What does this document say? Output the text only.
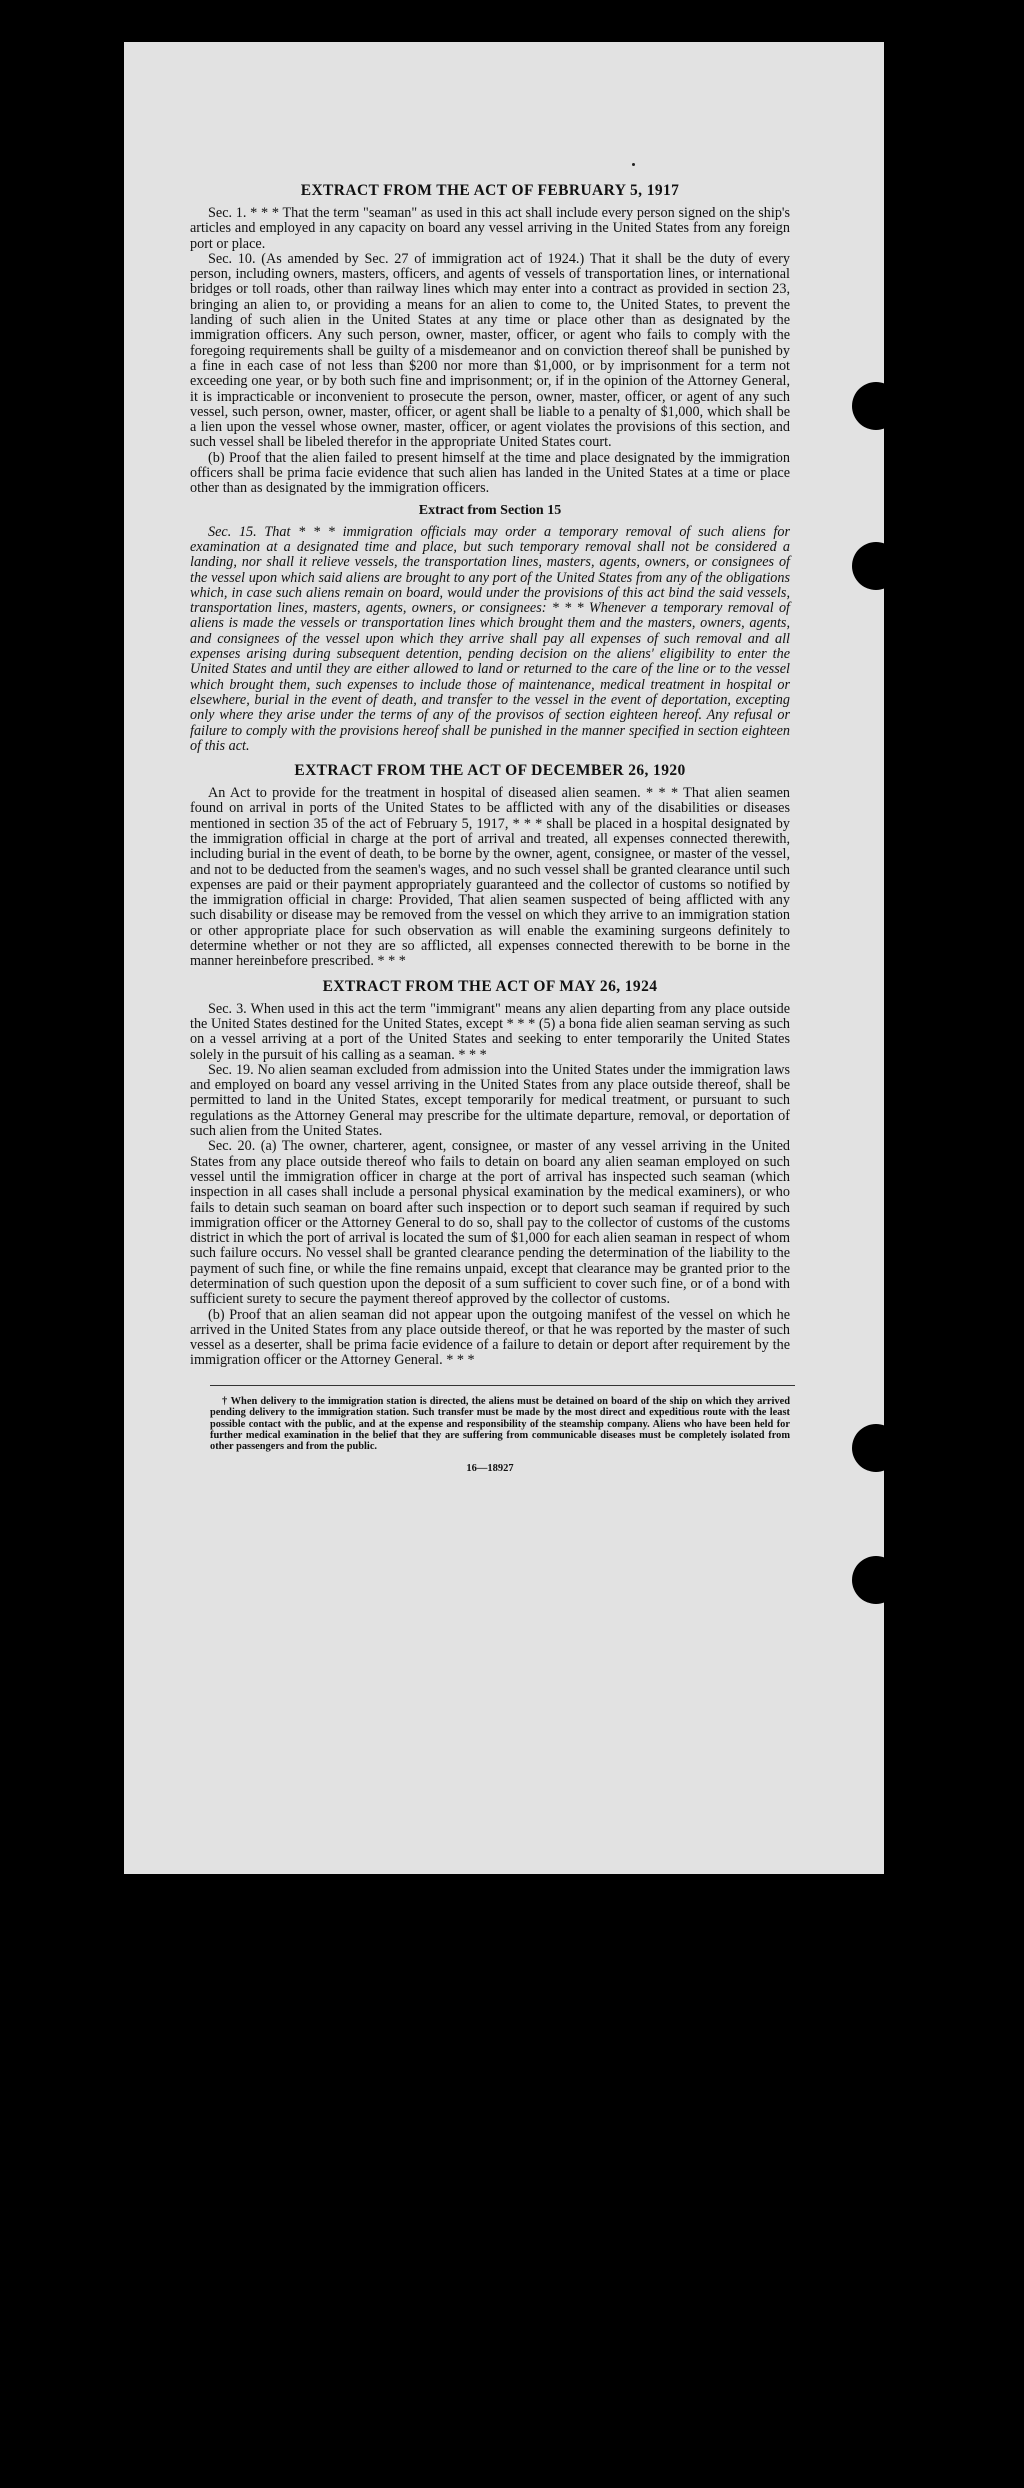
EXTRACT FROM THE ACT OF FEBRUARY 5, 1917

Sec. 1. * * * That the term "seaman" as used in this act shall include every person signed on the ship's articles and employed in any capacity on board any vessel arriving in the United States from any foreign port or place.

Sec. 10. (As amended by Sec. 27 of immigration act of 1924.) That it shall be the duty of every person, including owners, masters, officers, and agents of vessels of transportation lines, or international bridges or toll roads, other than railway lines which may enter into a contract as provided in section 23, bringing an alien to, or providing a means for an alien to come to, the United States, to prevent the landing of such alien in the United States at any time or place other than as designated by the immigration officers. Any such person, owner, master, officer, or agent who fails to comply with the foregoing requirements shall be guilty of a misdemeanor and on conviction thereof shall be punished by a fine in each case of not less than $200 nor more than $1,000, or by imprisonment for a term not exceeding one year, or by both such fine and imprisonment; or, if in the opinion of the Attorney General, it is impracticable or inconvenient to prosecute the person, owner, master, officer, or agent of any such vessel, such person, owner, master, officer, or agent shall be liable to a penalty of $1,000, which shall be a lien upon the vessel whose owner, master, officer, or agent violates the provisions of this section, and such vessel shall be libeled therefor in the appropriate United States court.

(b) Proof that the alien failed to present himself at the time and place designated by the immigration officers shall be prima facie evidence that such alien has landed in the United States at a time or place other than as designated by the immigration officers.

Extract from Section 15

Sec. 15. That * * * immigration officials may order a temporary removal of such aliens for examination at a designated time and place, but such temporary removal shall not be considered a landing, nor shall it relieve vessels, the transportation lines, masters, agents, owners, or consignees of the vessel upon which said aliens are brought to any port of the United States from any of the obligations which, in case such aliens remain on board, would under the provisions of this act bind the said vessels, transportation lines, masters, agents, owners, or consignees: * * * Whenever a temporary removal of aliens is made the vessels or transportation lines which brought them and the masters, owners, agents, and consignees of the vessel upon which they arrive shall pay all expenses of such removal and all expenses arising during subsequent detention, pending decision on the aliens' eligibility to enter the United States and until they are either allowed to land or returned to the care of the line or to the vessel which brought them, such expenses to include those of maintenance, medical treatment in hospital or elsewhere, burial in the event of death, and transfer to the vessel in the event of deportation, excepting only where they arise under the terms of any of the provisos of section eighteen hereof. Any refusal or failure to comply with the provisions hereof shall be punished in the manner specified in section eighteen of this act.

EXTRACT FROM THE ACT OF DECEMBER 26, 1920

An Act to provide for the treatment in hospital of diseased alien seamen. * * * That alien seamen found on arrival in ports of the United States to be afflicted with any of the disabilities or diseases mentioned in section 35 of the act of February 5, 1917, * * * shall be placed in a hospital designated by the immigration official in charge at the port of arrival and treated, all expenses connected therewith, including burial in the event of death, to be borne by the owner, agent, consignee, or master of the vessel, and not to be deducted from the seamen's wages, and no such vessel shall be granted clearance until such expenses are paid or their payment appropriately guaranteed and the collector of customs so notified by the immigration official in charge: Provided, That alien seamen suspected of being afflicted with any such disability or disease may be removed from the vessel on which they arrive to an immigration station or other appropriate place for such observation as will enable the examining surgeons definitely to determine whether or not they are so afflicted, all expenses connected therewith to be borne in the manner hereinbefore prescribed. * * *

EXTRACT FROM THE ACT OF MAY 26, 1924

Sec. 3. When used in this act the term "immigrant" means any alien departing from any place outside the United States destined for the United States, except * * * (5) a bona fide alien seaman serving as such on a vessel arriving at a port of the United States and seeking to enter temporarily the United States solely in the pursuit of his calling as a seaman. * * *

Sec. 19. No alien seaman excluded from admission into the United States under the immigration laws and employed on board any vessel arriving in the United States from any place outside thereof, shall be permitted to land in the United States, except temporarily for medical treatment, or pursuant to such regulations as the Attorney General may prescribe for the ultimate departure, removal, or deportation of such alien from the United States.

Sec. 20. (a) The owner, charterer, agent, consignee, or master of any vessel arriving in the United States from any place outside thereof who fails to detain on board any alien seaman employed on such vessel until the immigration officer in charge at the port of arrival has inspected such seaman (which inspection in all cases shall include a personal physical examination by the medical examiners), or who fails to detain such seaman on board after such inspection or to deport such seaman if required by such immigration officer or the Attorney General to do so, shall pay to the collector of customs of the customs district in which the port of arrival is located the sum of $1,000 for each alien seaman in respect of whom such failure occurs. No vessel shall be granted clearance pending the determination of the liability to the payment of such fine, or while the fine remains unpaid, except that clearance may be granted prior to the determination of such question upon the deposit of a sum sufficient to cover such fine, or of a bond with sufficient surety to secure the payment thereof approved by the collector of customs.

(b) Proof that an alien seaman did not appear upon the outgoing manifest of the vessel on which he arrived in the United States from any place outside thereof, or that he was reported by the master of such vessel as a deserter, shall be prima facie evidence of a failure to detain or deport after requirement by the immigration officer or the Attorney General. * * *

† When delivery to the immigration station is directed, the aliens must be detained on board of the ship on which they arrived pending delivery to the immigration station. Such transfer must be made by the most direct and expeditious route with the least possible contact with the public, and at the expense and responsibility of the steamship company. Aliens who have been held for further medical examination in the belief that they are suffering from communicable diseases must be completely isolated from other passengers and from the public.

16—18927
